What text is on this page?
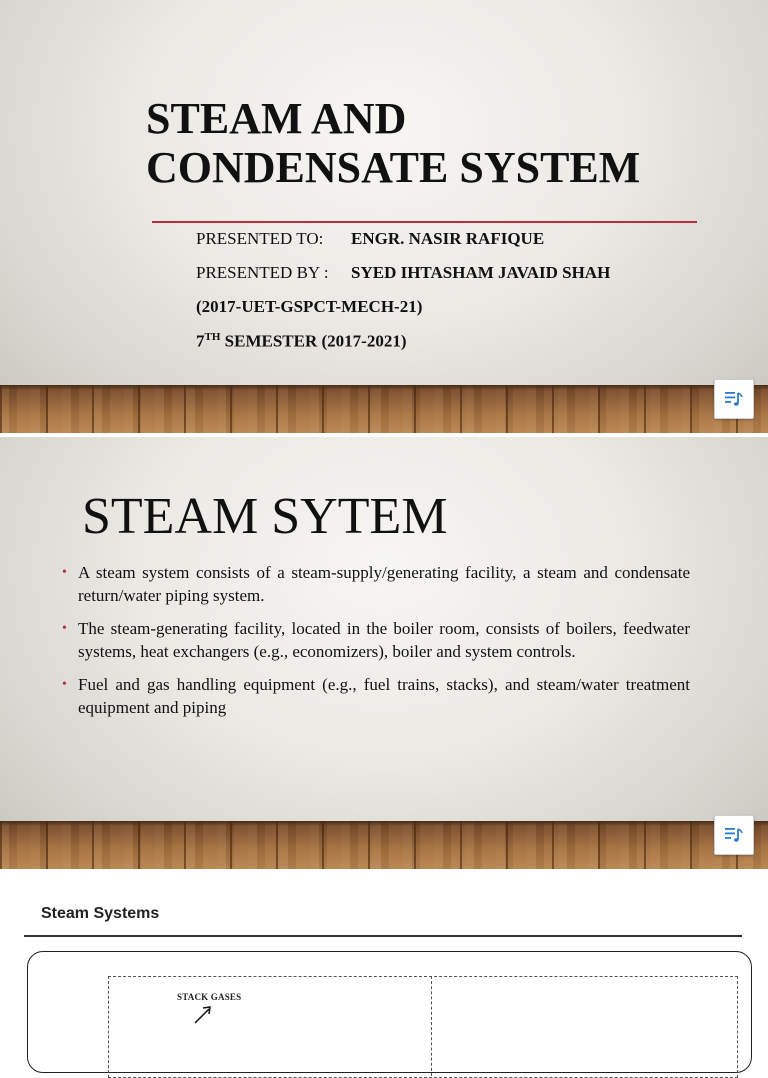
STEAM AND
CONDENSATE SYSTEM
PRESENTED TO: ENGR. NASIR RAFIQUE
PRESENTED BY : SYED IHTASHAM JAVAID SHAH
(2017-UET-GSPCT-MECH-21)
7TH SEMESTER (2017-2021)
STEAM SYTEM
• A steam system consists of a steam-supply/generating facility, a steam and condensate return/water piping system.
• The steam-generating facility, located in the boiler room, consists of boilers, feedwater systems, heat exchangers (e.g., economizers), boiler and system controls.
• Fuel and gas handling equipment (e.g., fuel trains, stacks), and steam/water treatment equipment and piping
Steam Systems
STACK GASES
